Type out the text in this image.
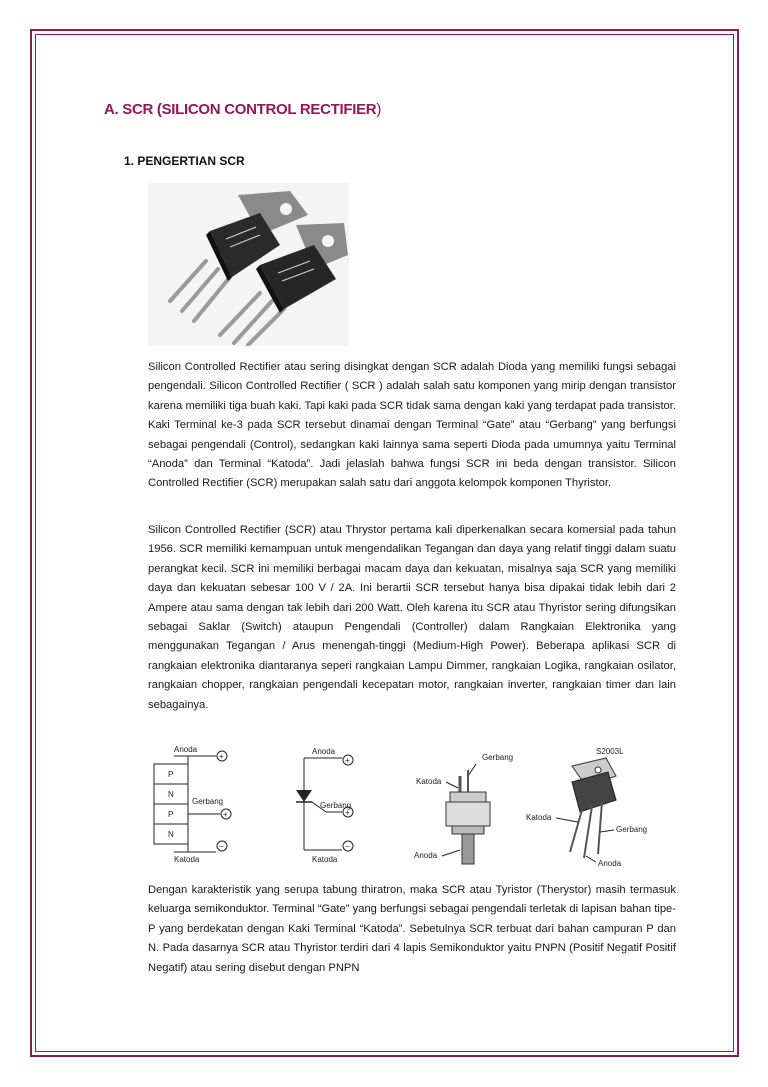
A. SCR (SILICON CONTROL RECTIFIER)
1. PENGERTIAN SCR

Silicon Controlled Rectifier atau sering disingkat dengan SCR adalah Dioda yang memiliki fungsi sebagai pengendali. Silicon Controlled Rectifier ( SCR ) adalah salah satu komponen yang mirip dengan transistor karena memiliki tiga buah kaki. Tapi kaki pada SCR tidak sama dengan kaki yang terdapat pada transistor. Kaki Terminal ke-3 pada SCR tersebut dinamai dengan Terminal “Gate” atau “Gerbang” yang berfungsi sebagai pengendali (Control), sedangkan kaki lainnya sama seperti Dioda pada umumnya yaitu Terminal “Anoda” dan Terminal “Katoda”. Jadi jelaslah bahwa fungsi SCR ini beda dengan transistor. Silicon Controlled Rectifier (SCR) merupakan salah satu dari anggota kelompok komponen Thyristor.

Silicon Controlled Rectifier (SCR) atau Thrystor pertama kali diperkenalkan secara komersial pada tahun 1956. SCR memiliki kemampuan untuk mengendalikan Tegangan dan daya yang relatif tinggi dalam suatu perangkat kecil. SCR ini memiliki berbagai macam daya dan kekuatan, misalnya saja SCR yang memiliki daya dan kekuatan sebesar 100 V / 2A. Ini berartii SCR tersebut hanya bisa dipakai tidak lebih dari 2 Ampere atau sama dengan tak lebih dari 200 Watt. Oleh karena itu SCR atau Thyristor sering difungsikan sebagai Saklar (Switch) ataupun Pengendali (Controller) dalam Rangkaian Elektronika yang menggunakan Tegangan / Arus menengah-tinggi (Medium-High Power). Beberapa aplikasi SCR di rangkaian elektronika diantaranya seperi rangkaian Lampu Dimmer, rangkaian Logika, rangkaian osilator, rangkaian chopper, rangkaian pengendali kecepatan motor, rangkaian inverter, rangkaian timer dan lain sebagainya.

Anoda
+
P
N
P
N
Gerbang
+
−
Katoda
Anoda
+
Gerbang
+
−
Katoda
Gerbang
Katoda
Anoda
S2003L
Katoda
Gerbang
Anoda

Dengan karakteristik yang serupa tabung thiratron, maka SCR atau Tyristor (Therystor) masih termasuk keluarga semikonduktor. Terminal “Gate” yang berfungsi sebagai pengendali terletak di lapisan bahan tipe-P yang berdekatan dengan Kaki Terminal “Katoda”. Sebetulnya SCR terbuat dari bahan campuran P dan N. Pada dasarnya SCR atau Thyristor terdiri dari 4 lapis Semikonduktor yaitu PNPN (Positif Negatif Positif Negatif) atau sering disebut dengan PNPN
